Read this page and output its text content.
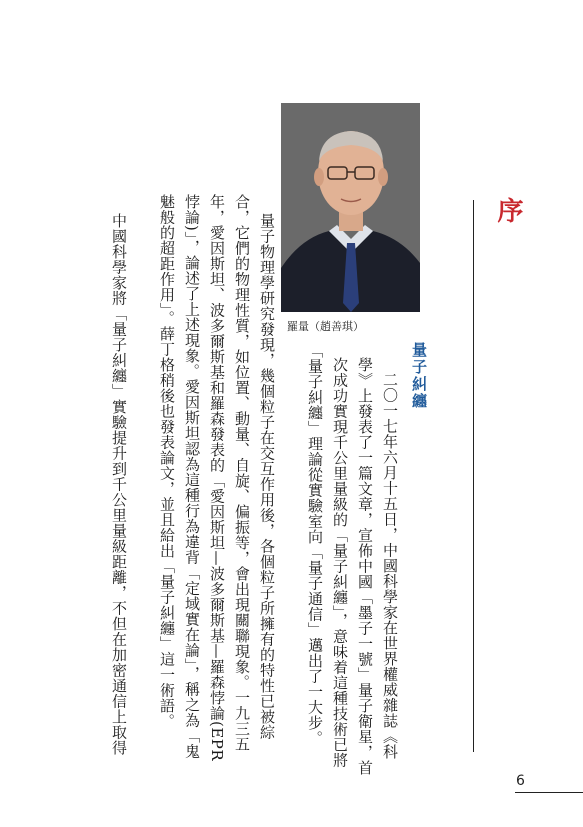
序
羅量（趙善琪）
量子糾纏
二〇一七年六月十五日，中國科學家在世界權威雜誌《科
學》上發表了一篇文章，宣佈中國「墨子一號」量子衛星，首
次成功實現千公里量級的「量子糾纏」，意味着這種技術已將
「量子糾纏」理論從實驗室向「量子通信」邁出了一大步。
量子物理學研究發現，幾個粒子在交互作用後，各個粒子所擁有的特性已被綜
合，它們的物理性質，如位置、動量、自旋、偏振等，會出現關聯現象。一九三五
年，愛因斯坦、波多爾斯基和羅森發表的「愛因斯坦—波多爾斯基—羅森悖論(EPR
悖論)」，論述了上述現象。愛因斯坦認為這種行為違背「定域實在論」，稱之為「鬼
魅般的超距作用」。薛丁格稍後也發表論文，並且給出「量子糾纏」這一術語。
中國科學家將「量子糾纏」實驗提升到千公里量級距離，不但在加密通信上取得
6
